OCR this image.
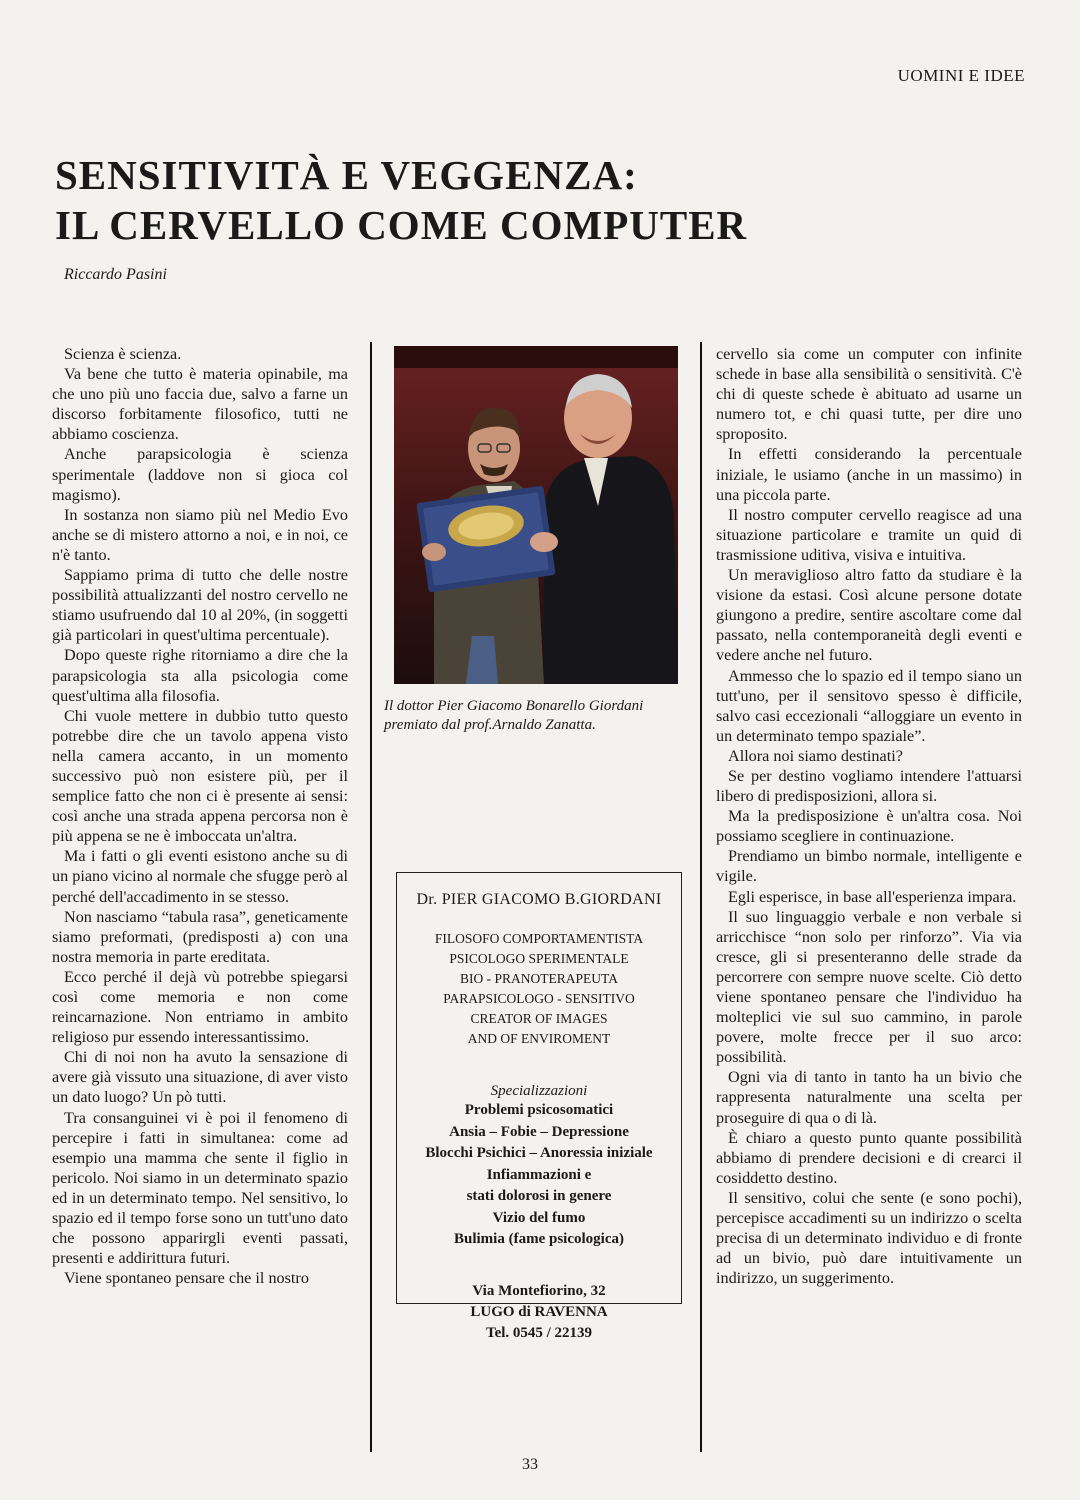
UOMINI E IDEE
SENSITIVITÀ E VEGGENZA:
IL CERVELLO COME COMPUTER
Riccardo Pasini

Scienza è scienza.

Va bene che tutto è materia opinabile, ma che uno più uno faccia due, salvo a farne un discorso forbitamente filosofico, tutti ne abbiamo coscienza.

Anche parapsicologia è scienza sperimentale (laddove non si gioca col magismo).

In sostanza non siamo più nel Medio Evo anche se di mistero attorno a noi, e in noi, ce n'è tanto.

Sappiamo prima di tutto che delle nostre possibilità attualizzanti del nostro cervello ne stiamo usufruendo dal 10 al 20%, (in soggetti già particolari in quest'ultima percentuale).

Dopo queste righe ritorniamo a dire che la parapsicologia sta alla psicologia come quest'ultima alla filosofia.

Chi vuole mettere in dubbio tutto questo potrebbe dire che un tavolo appena visto nella camera accanto, in un momento successivo può non esistere più, per il semplice fatto che non ci è presente ai sensi: così anche una strada appena percorsa non è più appena se ne è imboccata un'altra.

Ma i fatti o gli eventi esistono anche su di un piano vicino al normale che sfugge però al perché dell'accadimento in se stesso.

Non nasciamo “tabula rasa”, geneticamente siamo preformati, (predisposti a) con una nostra memoria in parte ereditata.

Ecco perché il dejà vù potrebbe spiegarsi così come memoria e non come reincarnazione. Non entriamo in ambito religioso pur essendo interessantissimo.

Chi di noi non ha avuto la sensazione di avere già vissuto una situazione, di aver visto un dato luogo? Un pò tutti.

Tra consanguinei vi è poi il fenomeno di percepire i fatti in simultanea: come ad esempio una mamma che sente il figlio in pericolo. Noi siamo in un determinato spazio ed in un determinato tempo. Nel sensitivo, lo spazio ed il tempo forse sono un tutt'uno dato che possono apparirgli eventi passati, presenti e addirittura futuri.

Viene spontaneo pensare che il nostro

Il dottor Pier Giacomo Bonarello Giordani premiato dal prof.Arnaldo Zanatta.
Dr. PIER GIACOMO B.GIORDANI
FILOSOFO COMPORTAMENTISTA
PSICOLOGO SPERIMENTALE
BIO - PRANOTERAPEUTA
PARAPSICOLOGO - SENSITIVO
CREATOR OF IMAGES
AND OF ENVIROMENT
Specializzazioni
Problemi psicosomatici
Ansia – Fobie – Depressione
Blocchi Psichici – Anoressia iniziale
Infiammazioni e
stati dolorosi in genere
Vizio del fumo
Bulimia (fame psicologica)
Via Montefiorino, 32
LUGO di RAVENNA
Tel. 0545 / 22139

cervello sia come un computer con infinite schede in base alla sensibilità o sensitività. C'è chi di queste schede è abituato ad usarne un numero tot, e chi quasi tutte, per dire uno sproposito.

In effetti considerando la percentuale iniziale, le usiamo (anche in un massimo) in una piccola parte.

Il nostro computer cervello reagisce ad una situazione particolare e tramite un quid di trasmissione uditiva, visiva e intuitiva.

Un meraviglioso altro fatto da studiare è la visione da estasi. Così alcune persone dotate giungono a predire, sentire ascoltare come dal passato, nella contemporaneità degli eventi e vedere anche nel futuro.

Ammesso che lo spazio ed il tempo siano un tutt'uno, per il sensitovo spesso è difficile, salvo casi eccezionali “alloggiare un evento in un determinato tempo spaziale”.

Allora noi siamo destinati?

Se per destino vogliamo intendere l'attuarsi libero di predisposizioni, allora si.

Ma la predisposizione è un'altra cosa. Noi possiamo scegliere in continuazione.

Prendiamo un bimbo normale, intelligente e vigile.

Egli esperisce, in base all'esperienza impara.

Il suo linguaggio verbale e non verbale si arricchisce “non solo per rinforzo”. Via via cresce, gli si presenteranno delle strade da percorrere con sempre nuove scelte. Ciò detto viene spontaneo pensare che l'individuo ha molteplici vie sul suo cammino, in parole povere, molte frecce per il suo arco: possibilità.

Ogni via di tanto in tanto ha un bivio che rappresenta naturalmente una scelta per proseguire di qua o di là.

È chiaro a questo punto quante possibilità abbiamo di prendere decisioni e di crearci il cosiddetto destino.

Il sensitivo, colui che sente (e sono pochi), percepisce accadimenti su un indirizzo o scelta precisa di un determinato individuo e di fronte ad un bivio, può dare intuitivamente un indirizzo, un suggerimento.

33
